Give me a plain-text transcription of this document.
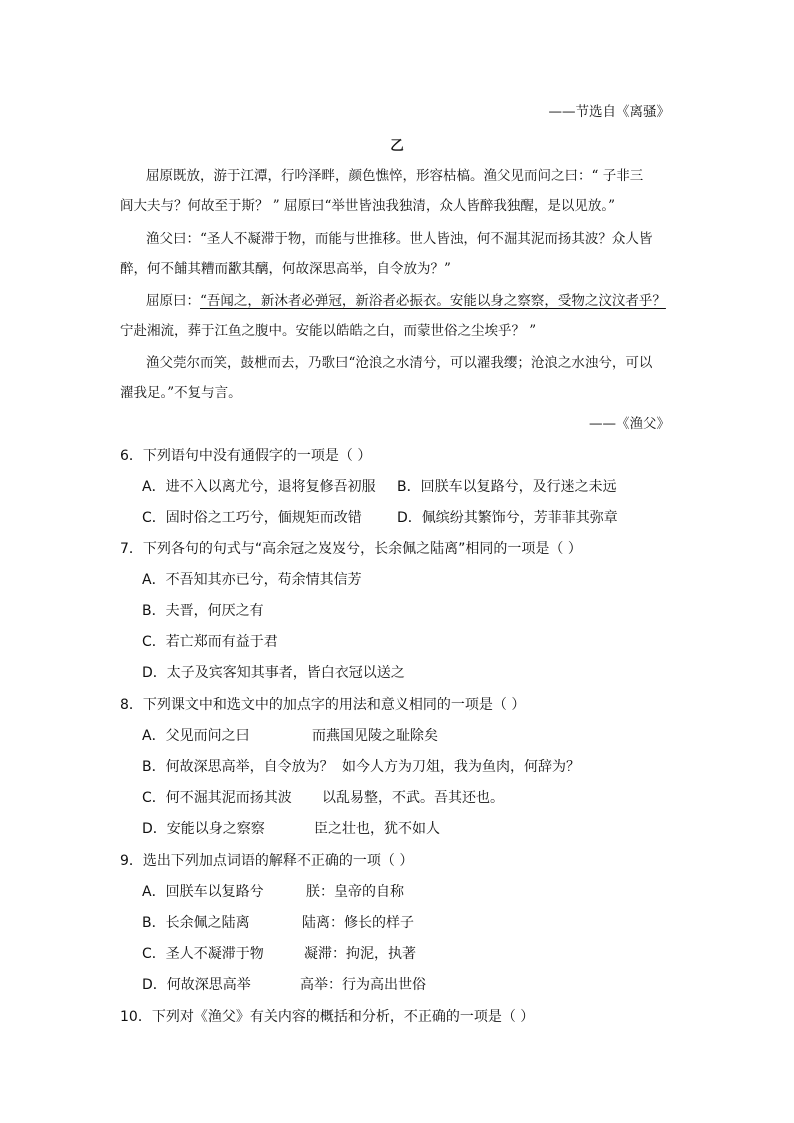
——节选自《离骚》
乙
屈原既放，游于江潭，行吟泽畔，颜色憔悴，形容枯槁。渔父见而问之曰：“ 子非三
闾大夫与？何故至于斯？ ” 屈原曰“举世皆浊我独清，众人皆醉我独醒，是以见放。”
渔父曰：“圣人不凝滞于物，而能与世推移。世人皆浊，何不淈其泥而扬其波？众人皆
醉，何不餔其糟而歠其醨，何故深思高举，自令放为？”
屈原曰：“吾闻之，新沐者必弹冠，新浴者必振衣。安能以身之察察，受物之汶汶者乎？
宁赴湘流，葬于江鱼之腹中。安能以皓皓之白，而蒙世俗之尘埃乎？ ”
渔父莞尔而笑，鼓枻而去，乃歌曰“沧浪之水清兮，可以濯我缨；沧浪之水浊兮，可以
濯我足。”不复与言。
——《渔父》
6．下列语句中没有通假字的一项是（ ）
A．进不入以离尤兮，退将复修吾初服 B．回朕车以复路兮，及行迷之未远
C．固时俗之工巧兮，偭规矩而改错	D．佩缤纷其繁饰兮，芳菲菲其弥章
7．下列各句的句式与“高余冠之岌岌兮，长余佩之陆离”相同的一项是（ ）
A．不吾知其亦已兮，苟余情其信芳
B．夫晋，何厌之有
C．若亡郑而有益于君
D．太子及宾客知其事者，皆白衣冠以送之
8．下列课文中和选文中的加点字的用法和意义相同的一项是（ ）
A．父见而问之曰	而燕国见陵之耻除矣
B．何故深思高举，自令放为？ 如今人方为刀俎，我为鱼肉，何辞为？
C．何不淈其泥而扬其波 以乱易整，不武。吾其还也。
D．安能以身之察察	臣之壮也，犹不如人
9．选出下列加点词语的解释不正确的一项（ ）
A．回朕车以复路兮	朕：皇帝的自称
B．长余佩之陆离	陆离：修长的样子
C．圣人不凝滞于物	凝滞：拘泥，执著
D．何故深思高举	高举：行为高出世俗
10．下列对《渔父》有关内容的概括和分析，不正确的一项是（ ）
